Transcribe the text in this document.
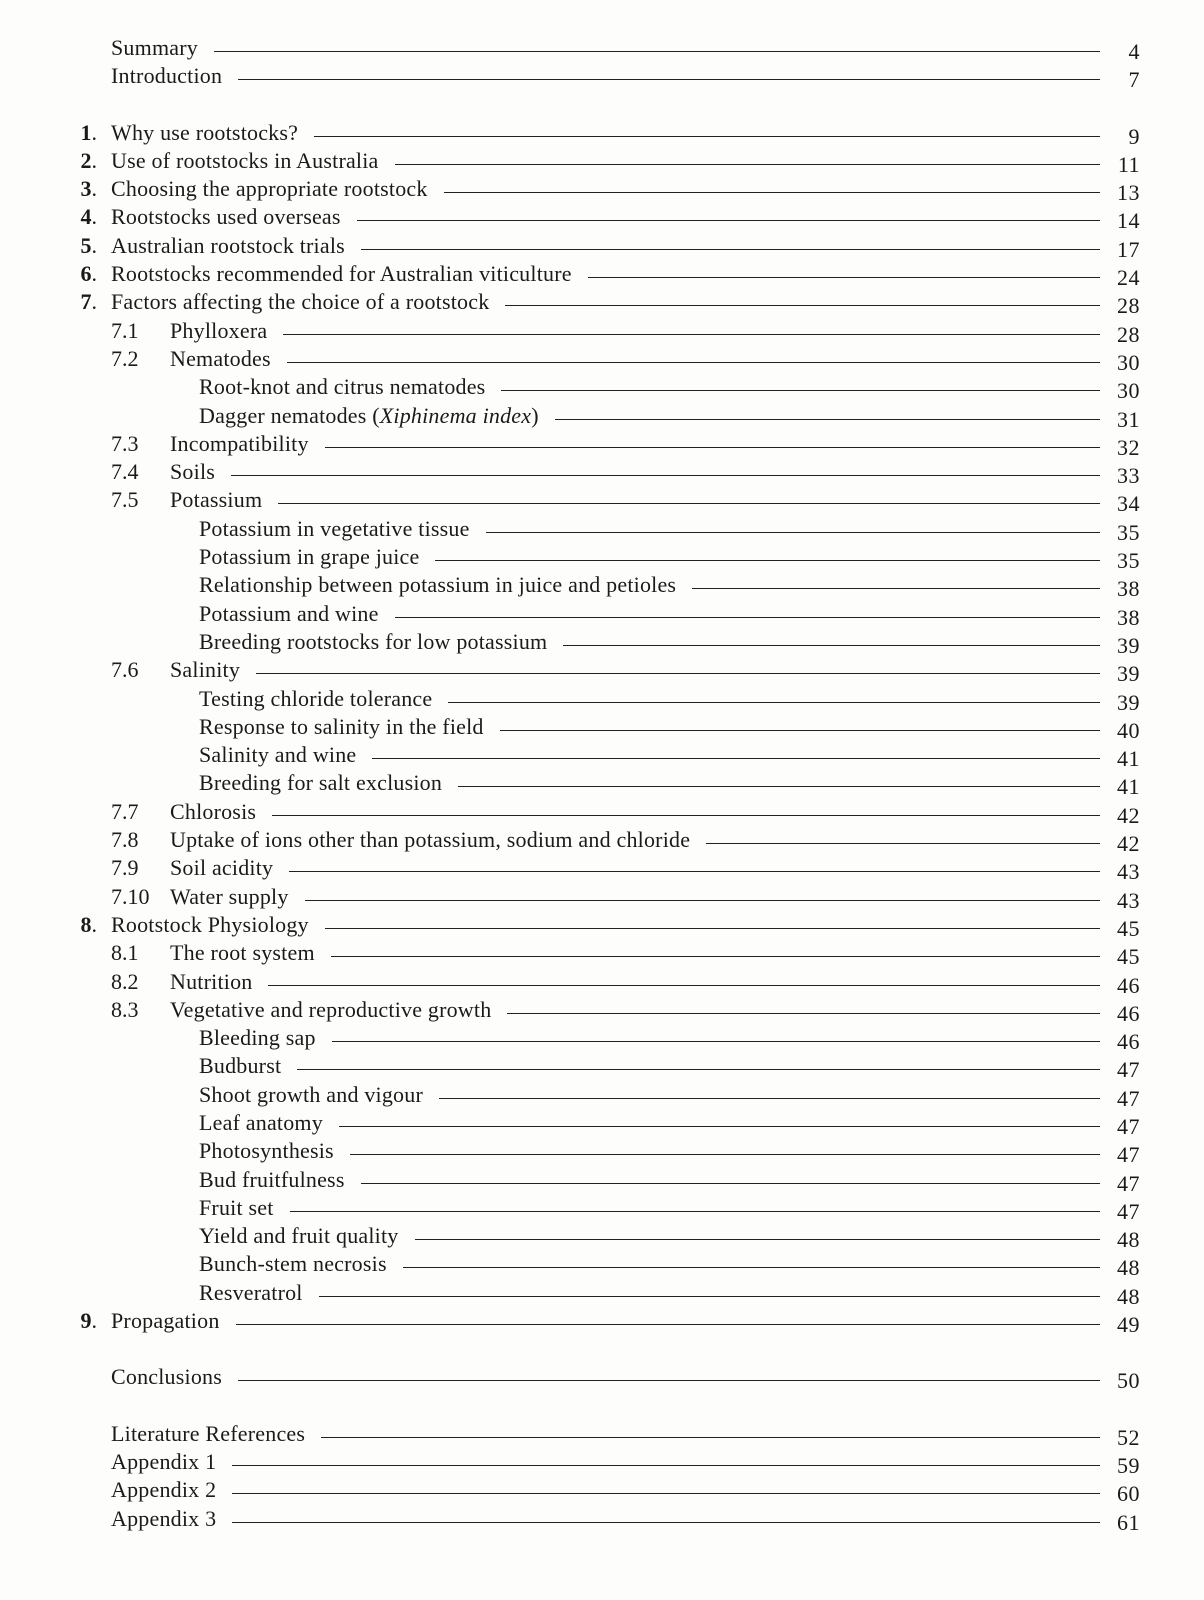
Summary	4
Introduction	7
1. Why use rootstocks?	9
2. Use of rootstocks in Australia	11
3. Choosing the appropriate rootstock	13
4. Rootstocks used overseas	14
5. Australian rootstock trials	17
6. Rootstocks recommended for Australian viticulture	24
7. Factors affecting the choice of a rootstock	28
7.1 Phylloxera	28
7.2 Nematodes	30
Root-knot and citrus nematodes	30
Dagger nematodes (Xiphinema index)	31
7.3 Incompatibility	32
7.4 Soils	33
7.5 Potassium	34
Potassium in vegetative tissue	35
Potassium in grape juice	35
Relationship between potassium in juice and petioles	38
Potassium and wine	38
Breeding rootstocks for low potassium	39
7.6 Salinity	39
Testing chloride tolerance	39
Response to salinity in the field	40
Salinity and wine	41
Breeding for salt exclusion	41
7.7 Chlorosis	42
7.8 Uptake of ions other than potassium, sodium and chloride	42
7.9 Soil acidity	43
7.10 Water supply	43
8. Rootstock Physiology	45
8.1 The root system	45
8.2 Nutrition	46
8.3 Vegetative and reproductive growth	46
Bleeding sap	46
Budburst	47
Shoot growth and vigour	47
Leaf anatomy	47
Photosynthesis	47
Bud fruitfulness	47
Fruit set	47
Yield and fruit quality	48
Bunch-stem necrosis	48
Resveratrol	48
9. Propagation	49
Conclusions	50
Literature References	52
Appendix 1	59
Appendix 2	60
Appendix 3	61
